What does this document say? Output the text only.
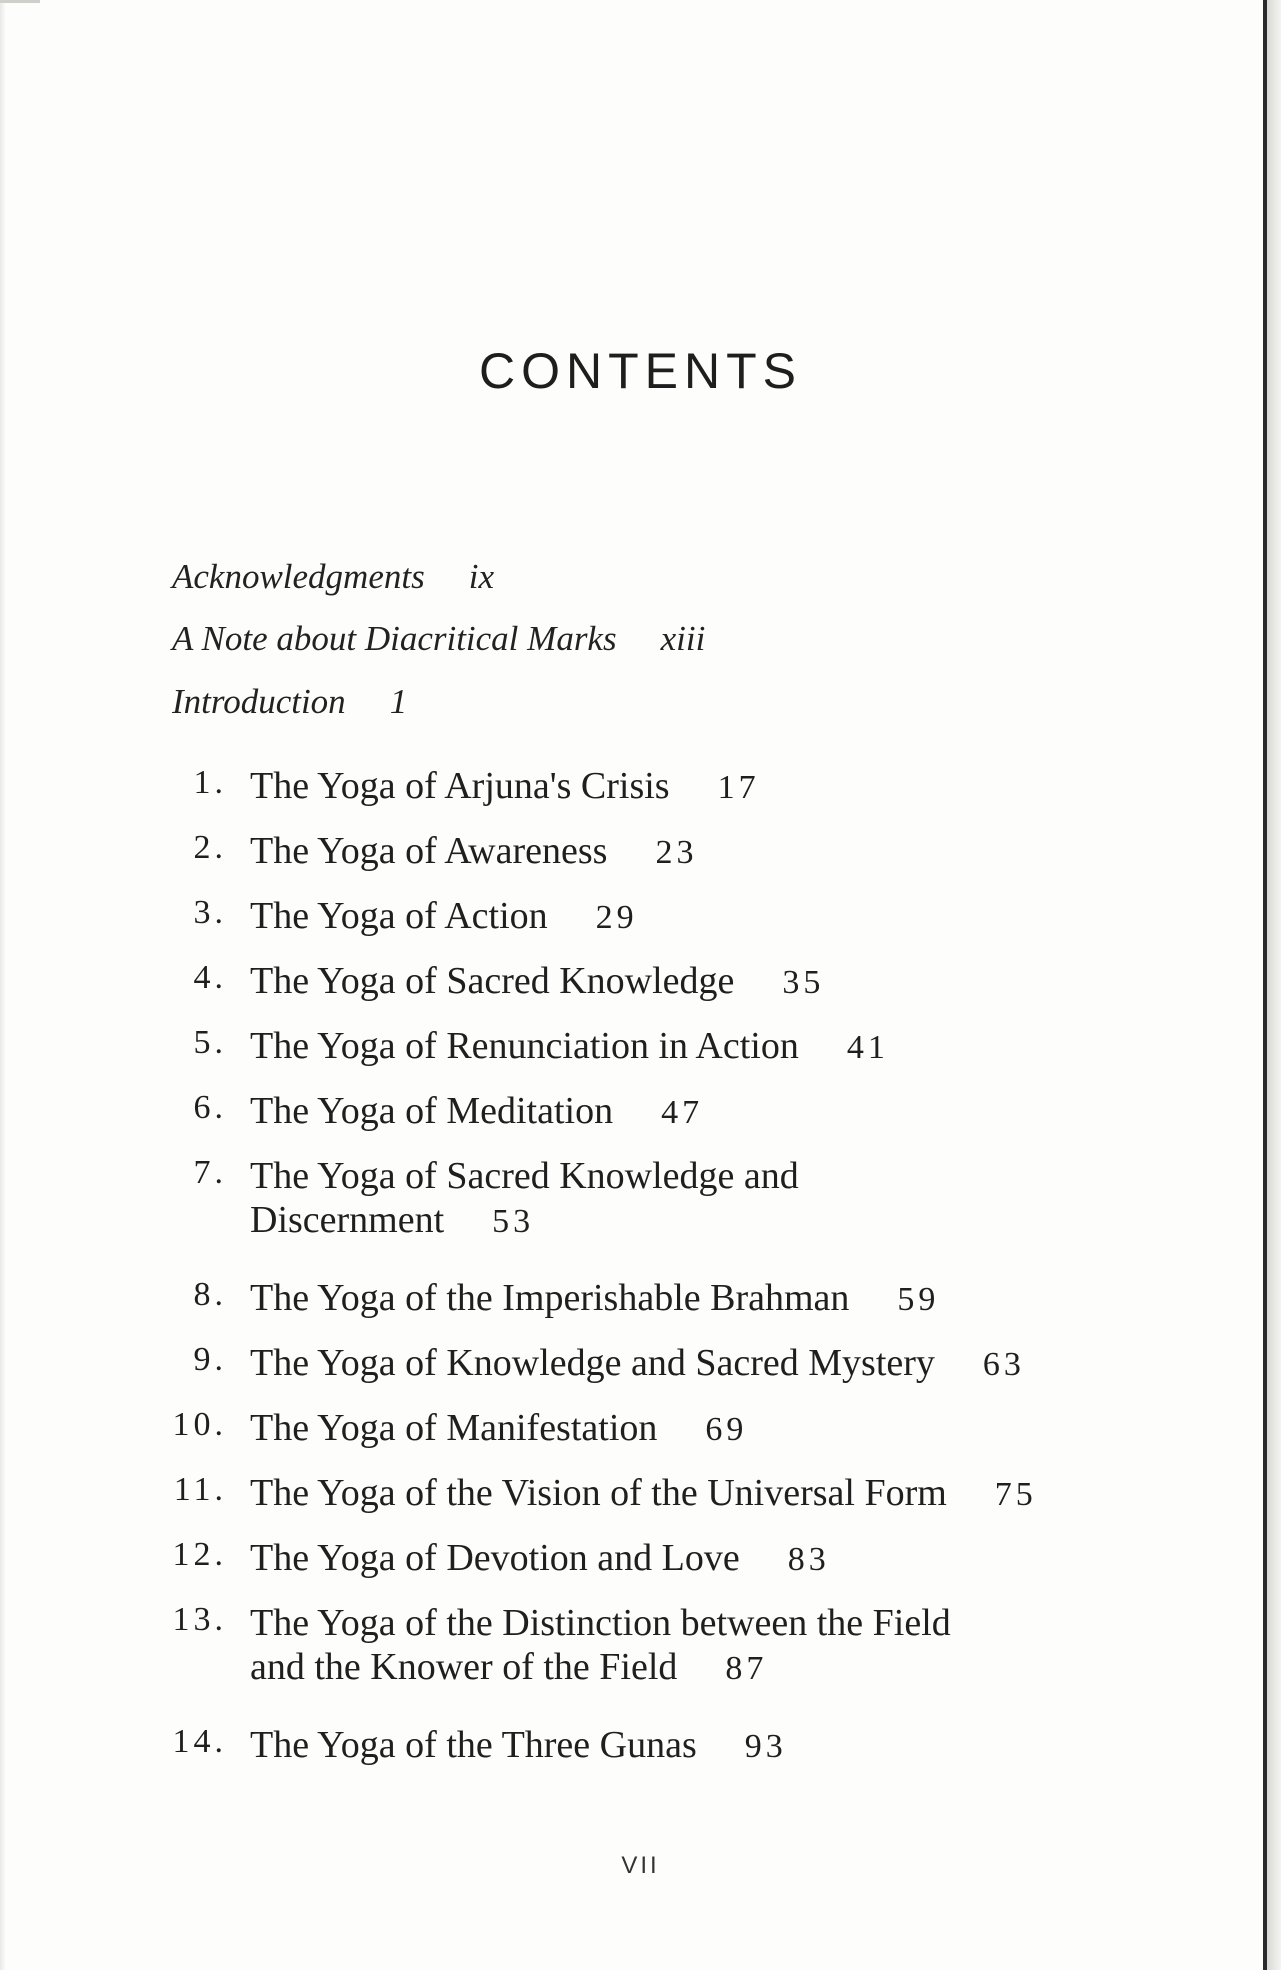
CONTENTS
Acknowledgments ix
A Note about Diacritical Marks xiii
Introduction 1
1. The Yoga of Arjuna's Crisis 17
2. The Yoga of Awareness 23
3. The Yoga of Action 29
4. The Yoga of Sacred Knowledge 35
5. The Yoga of Renunciation in Action 41
6. The Yoga of Meditation 47
7. The Yoga of Sacred Knowledge and
Discernment 53
8. The Yoga of the Imperishable Brahman 59
9. The Yoga of Knowledge and Sacred Mystery 63
10. The Yoga of Manifestation 69
11. The Yoga of the Vision of the Universal Form 75
12. The Yoga of Devotion and Love 83
13. The Yoga of the Distinction between the Field
and the Knower of the Field 87
14. The Yoga of the Three Gunas 93
VII
